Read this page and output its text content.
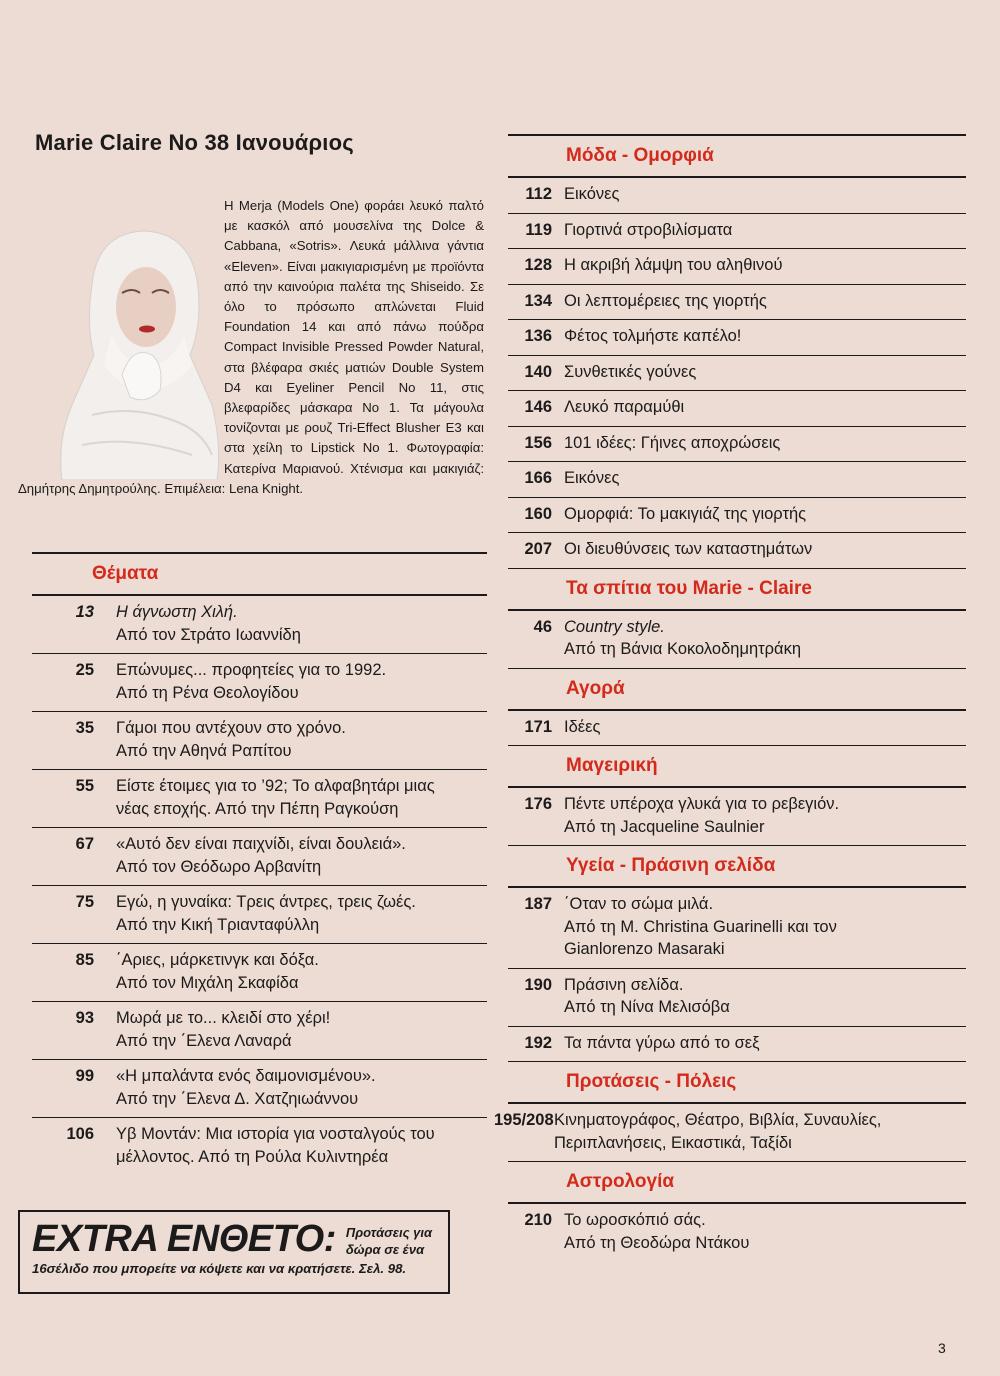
Marie Claire No 38 Ιανουάριος
Η Merja (Models One) φοράει λευκό παλτό με κασκόλ από μουσελίνα της Dolce & Cabbana, «Sotris». Λευκά μάλλινα γάντια «Eleven». Είναι μακιγιαρισμένη με προϊόντα από την καινούρια παλέτα της Shiseido. Σε όλο το πρόσωπο απλώνεται Fluid Foundation 14 και από πάνω πούδρα Compact Invisible Pressed Powder Natural, στα βλέφαρα σκιές ματιών Double System D4 και Eyeliner Pencil No 11, στις βλεφαρίδες μάσκαρα No 1. Τα μάγουλα τονίζονται με ρουζ Tri-Effect Blusher E3 και στα χείλη το Lipstick No 1. Φωτογραφία: Κατερίνα Μαριανού. Χτένισμα και μακιγιάζ: Δημήτρης Δημητρούλης. Επιμέλεια: Lena Knight.
Θέματα
13	Η άγνωστη Χιλή.
Από τον Στράτο Ιωαννίδη
25	Επώνυμες... προφητείες για το 1992.
Από τη Ρένα Θεολογίδου
35	Γάμοι που αντέχουν στο χρόνο.
Από την Αθηνά Ραπίτου
55	Είστε έτοιμες για το ’92; Το αλφαβητάρι μιας
νέας εποχής. Από την Πέπη Ραγκούση
67	«Αυτό δεν είναι παιχνίδι, είναι δουλειά».
Από τον Θεόδωρο Αρβανίτη
75	Εγώ, η γυναίκα: Τρεις άντρες, τρεις ζωές.
Από την Κική Τριανταφύλλη
85	΄Αριες, μάρκετινγκ και δόξα.
Από τον Μιχάλη Σκαφίδα
93	Μωρά με το... κλειδί στο χέρι!
Από την ΄Ελενα Λαναρά
99	«Η μπαλάντα ενός δαιμονισμένου».
Από την ΄Ελενα Δ. Χατζηιωάννου
106	Υβ Μοντάν: Μια ιστορία για νοσταλγούς του
μέλλοντος. Από τη Ρούλα Κυλιντηρέα
EXTRA ΕΝΘΕΤΟ: Προτάσεις για δώρα σε ένα
16σέλιδο που μπορείτε να κόψετε και να κρατήσετε. Σελ. 98.
Μόδα - Ομορφιά
112 Εικόνες
119 Γιορτινά στροβιλίσματα
128 Η ακριβή λάμψη του αληθινού
134 Οι λεπτομέρειες της γιορτής
136 Φέτος τολμήστε καπέλο!
140 Συνθετικές γούνες
146 Λευκό παραμύθι
156 101 ιδέες: Γήινες αποχρώσεις
166 Εικόνες
160 Ομορφιά: Το μακιγιάζ της γιορτής
207 Οι διευθύνσεις των καταστημάτων
Τα σπίτια του Marie - Claire
46 Country style.
Από τη Βάνια Κοκολοδημητράκη
Αγορά
171 Ιδέες
Μαγειρική
176 Πέντε υπέροχα γλυκά για το ρεβεγιόν.
Από τη Jacqueline Saulnier
Υγεία - Πράσινη σελίδα
187 ΄Οταν το σώμα μιλά.
Από τη M. Christina Guarinelli και τον
Gianlorenzo Masaraki
190 Πράσινη σελίδα.
Από τη Νίνα Μελισόβα
192 Τα πάντα γύρω από το σεξ
Προτάσεις - Πόλεις
195/208 Κινηματογράφος, Θέατρο, Βιβλία, Συναυλίες,
Περιπλανήσεις, Εικαστικά, Ταξίδι
Αστρολογία
210 Το ωροσκόπιό σάς.
Από τη Θεοδώρα Ντάκου
3
